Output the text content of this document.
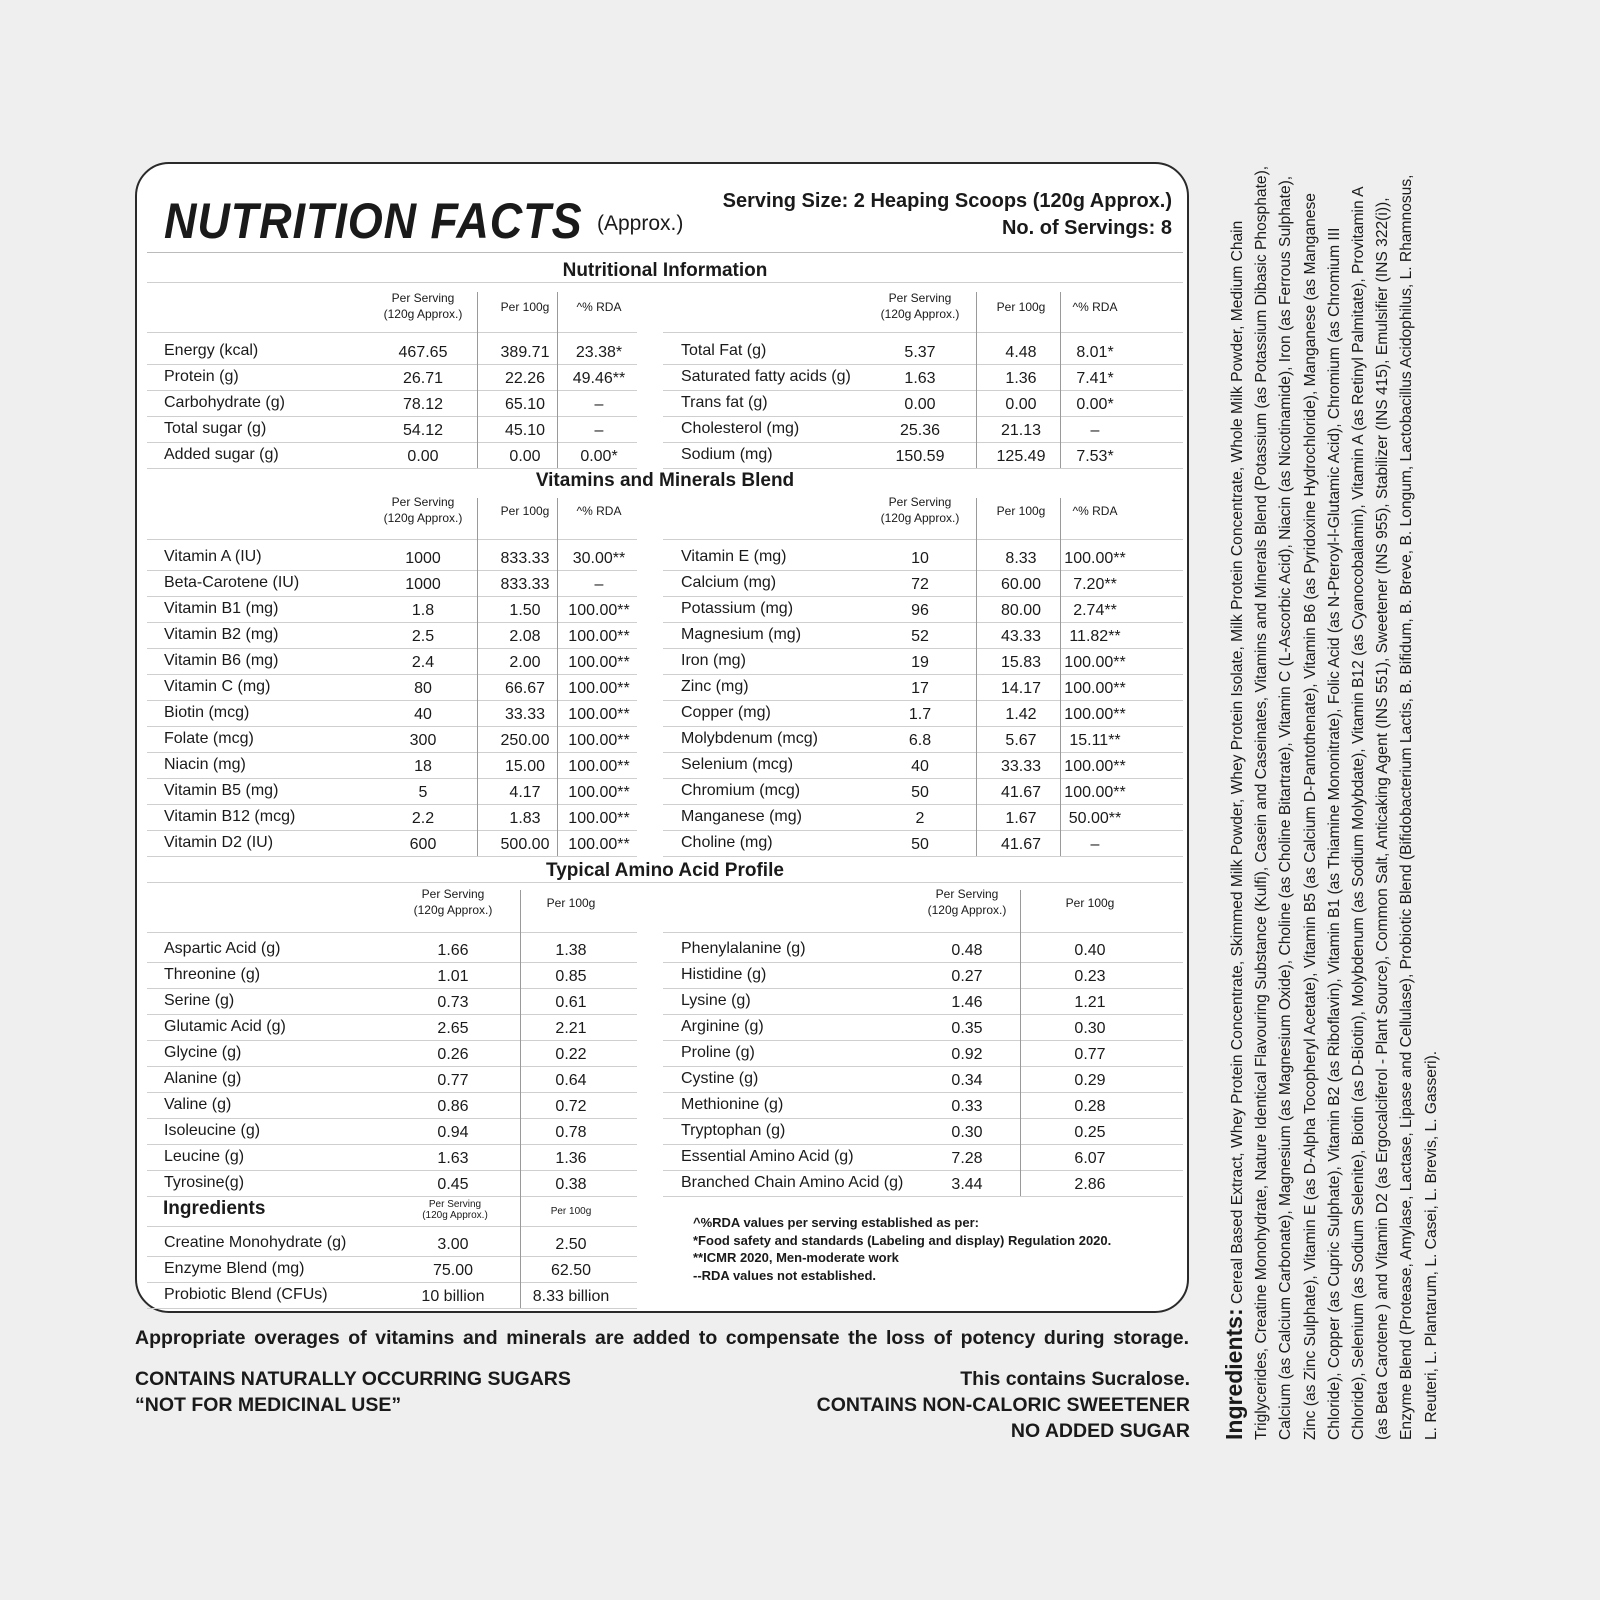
NUTRITION FACTS (Approx.)
Serving Size: 2 Heaping Scoops (120g Approx.)
No. of Servings: 8
Nutritional Information
Per Serving
(120g Approx.)	Per 100g	^% RDA
Per Serving
(120g Approx.)	Per 100g	^% RDA
Energy (kcal)	467.65	389.71	23.38*
Protein (g)	26.71	22.26	49.46**
Carbohydrate (g)	78.12	65.10	–
Total sugar (g)	54.12	45.10	–
Added sugar (g)	0.00	0.00	0.00*
Total Fat (g)	5.37	4.48	8.01*
Saturated fatty acids (g)	1.63	1.36	7.41*
Trans fat (g)	0.00	0.00	0.00*
Cholesterol (mg)	25.36	21.13	–
Sodium (mg)	150.59	125.49	7.53*
Vitamins and Minerals Blend
Per Serving
(120g Approx.)	Per 100g	^% RDA
Per Serving
(120g Approx.)	Per 100g	^% RDA
Vitamin A (IU)	1000	833.33	30.00**
Beta-Carotene (IU)	1000	833.33	–
Vitamin B1 (mg)	1.8	1.50	100.00**
Vitamin B2 (mg)	2.5	2.08	100.00**
Vitamin B6 (mg)	2.4	2.00	100.00**
Vitamin C (mg)	80	66.67	100.00**
Biotin (mcg)	40	33.33	100.00**
Folate (mcg)	300	250.00	100.00**
Niacin (mg)	18	15.00	100.00**
Vitamin B5 (mg)	5	4.17	100.00**
Vitamin B12 (mcg)	2.2	1.83	100.00**
Vitamin D2 (IU)	600	500.00	100.00**
Vitamin E (mg)	10	8.33	100.00**
Calcium (mg)	72	60.00	7.20**
Potassium (mg)	96	80.00	2.74**
Magnesium (mg)	52	43.33	11.82**
Iron (mg)	19	15.83	100.00**
Zinc (mg)	17	14.17	100.00**
Copper (mg)	1.7	1.42	100.00**
Molybdenum (mcg)	6.8	5.67	15.11**
Selenium (mcg)	40	33.33	100.00**
Chromium (mcg)	50	41.67	100.00**
Manganese (mg)	2	1.67	50.00**
Choline (mg)	50	41.67	–
Typical Amino Acid Profile
Per Serving
(120g Approx.)	Per 100g
Per Serving
(120g Approx.)	Per 100g
Aspartic Acid (g)	1.66	1.38
Threonine (g)	1.01	0.85
Serine (g)	0.73	0.61
Glutamic Acid (g)	2.65	2.21
Glycine (g)	0.26	0.22
Alanine (g)	0.77	0.64
Valine (g)	0.86	0.72
Isoleucine (g)	0.94	0.78
Leucine (g)	1.63	1.36
Tyrosine(g)	0.45	0.38
Phenylalanine (g)	0.48	0.40
Histidine (g)	0.27	0.23
Lysine (g)	1.46	1.21
Arginine (g)	0.35	0.30
Proline (g)	0.92	0.77
Cystine (g)	0.34	0.29
Methionine (g)	0.33	0.28
Tryptophan (g)	0.30	0.25
Essential Amino Acid (g)	7.28	6.07
Branched Chain Amino Acid (g)	3.44	2.86
Ingredients	Per Serving
(120g Approx.)	Per 100g
Creatine Monohydrate (g)	3.00	2.50
Enzyme Blend (mg)	75.00	62.50
Probiotic Blend (CFUs)	10 billion	8.33 billion
^%RDA values per serving established as per:
*Food safety and standards (Labeling and display) Regulation 2020.
**ICMR 2020, Men-moderate work
--RDA values not established.
Appropriate overages of vitamins and minerals are added to compensate the loss of potency during storage.
CONTAINS NATURALLY OCCURRING SUGARS
“NOT FOR MEDICINAL USE”
This contains Sucralose.
CONTAINS NON-CALORIC SWEETENER
NO ADDED SUGAR Ingredients: Cereal Based Extract, Whey Protein Concentrate, Skimmed Milk Powder, Whey Protein Isolate, Milk Protein Concentrate, Whole Milk Powder, Medium Chain Triglycerides, Creatine Monohydrate, Nature Identical Flavouring Substance (Kulfi), Casein and Caseinates, Vitamins and Minerals Blend (Potassium (as Potassium Dibasic Phosphate), Calcium (as Calcium Carbonate), Magnesium (as Magnesium Oxide), Choline (as Choline Bitartrate), Vitamin C (L-Ascorbic Acid), Niacin (as Nicotinamide), Iron (as Ferrous Sulphate), Zinc (as Zinc Sulphate), Vitamin E (as D-Alpha Tocopheryl Acetate), Vitamin B5 (as Calcium D-Pantothenate), Vitamin B6 (as Pyridoxine Hydrochloride), Manganese (as Manganese Chloride), Copper (as Cupric Sulphate), Vitamin B2 (as Riboflavin), Vitamin B1 (as Thiamine Mononitrate), Folic Acid (as N-Pteroyl-l-Glutamic Acid), Chromium (as Chromium III Chloride), Selenium (as Sodium Selenite), Biotin (as D-Biotin), Molybdenum (as Sodium Molybdate), Vitamin B12 (as Cyanocobalamin), Vitamin A (as Retinyl Palmitate), Provitamin A (as Beta Carotene ) and Vitamin D2 (as Ergocalciferol - Plant Source), Common Salt, Anticaking Agent (INS 551), Sweetener (INS 955), Stabilizer (INS 415), Emulsifier (INS 322(i)), Enzyme Blend (Protease, Amylase, Lactase, Lipase and Cellulase), Probiotic Blend (Bifidobacterium Lactis, B. Bifidum, B. Breve, B. Longum, Lactobacillus Acidophilus, L. Rhamnosus, L. Reuteri, L. Plantarum, L. Casei, L. Brevis, L. Gasseri).
